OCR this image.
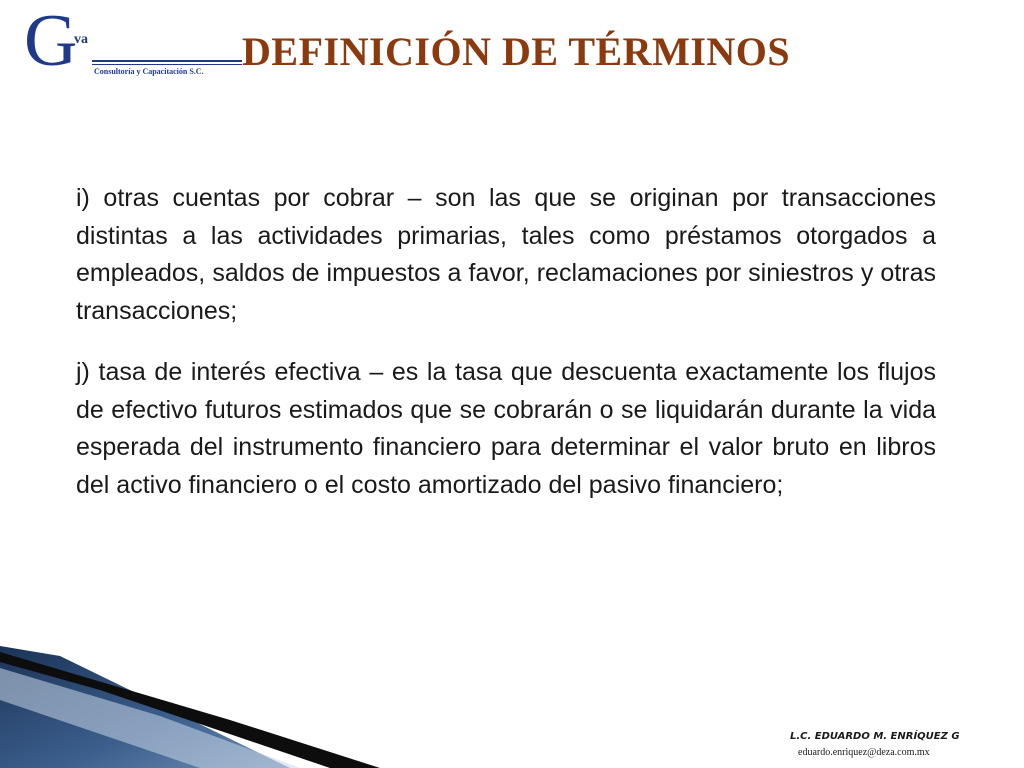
G
va
Consultoría y Capacitación S.C. DEFINICIÓN DE TÉRMINOS

i) otras cuentas por cobrar – son las que se originan por transacciones distintas a las actividades primarias, tales como préstamos otorgados a empleados, saldos de impuestos a favor, reclamaciones por siniestros y otras transacciones;

j) tasa de interés efectiva – es la tasa que descuenta exactamente los flujos de efectivo futuros estimados que se cobrarán o se liquidarán durante la vida esperada del instrumento financiero para determinar el valor bruto en libros del activo financiero o el costo amortizado del pasivo financiero;

L.C. EDUARDO M. ENRÍQUEZ G
eduardo.enriquez@deza.com.mx
